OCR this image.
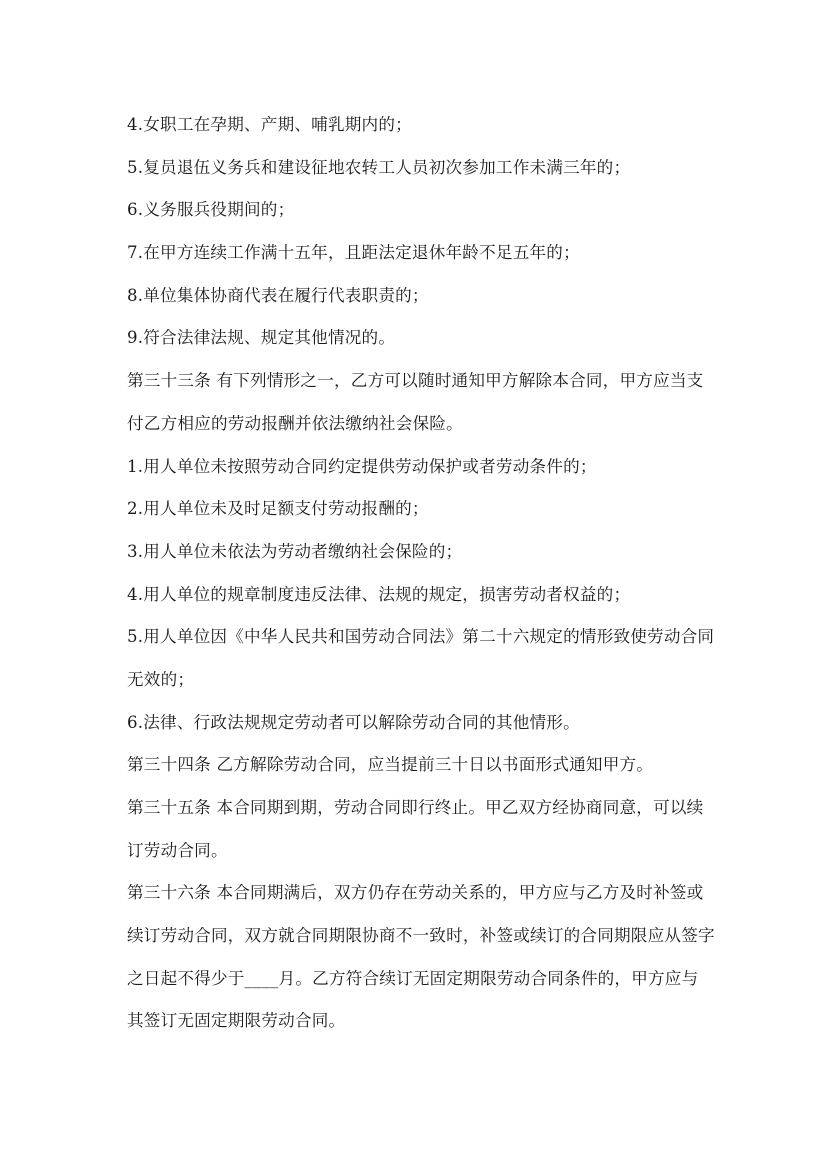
4.女职工在孕期、产期、哺乳期内的；
5.复员退伍义务兵和建设征地农转工人员初次参加工作未满三年的；
6.义务服兵役期间的；
7.在甲方连续工作满十五年，且距法定退休年龄不足五年的；
8.单位集体协商代表在履行代表职责的；
9.符合法律法规、规定其他情况的。
第三十三条 有下列情形之一，乙方可以随时通知甲方解除本合同，甲方应当支
付乙方相应的劳动报酬并依法缴纳社会保险。
1.用人单位未按照劳动合同约定提供劳动保护或者劳动条件的；
2.用人单位未及时足额支付劳动报酬的；
3.用人单位未依法为劳动者缴纳社会保险的；
4.用人单位的规章制度违反法律、法规的规定，损害劳动者权益的；
5.用人单位因《中华人民共和国劳动合同法》第二十六规定的情形致使劳动合同
无效的；
6.法律、行政法规规定劳动者可以解除劳动合同的其他情形。
第三十四条 乙方解除劳动合同，应当提前三十日以书面形式通知甲方。
第三十五条 本合同期到期，劳动合同即行终止。甲乙双方经协商同意，可以续
订劳动合同。
第三十六条 本合同期满后，双方仍存在劳动关系的，甲方应与乙方及时补签或
续订劳动合同，双方就合同期限协商不一致时，补签或续订的合同期限应从签字
之日起不得少于____月。乙方符合续订无固定期限劳动合同条件的，甲方应与
其签订无固定期限劳动合同。
